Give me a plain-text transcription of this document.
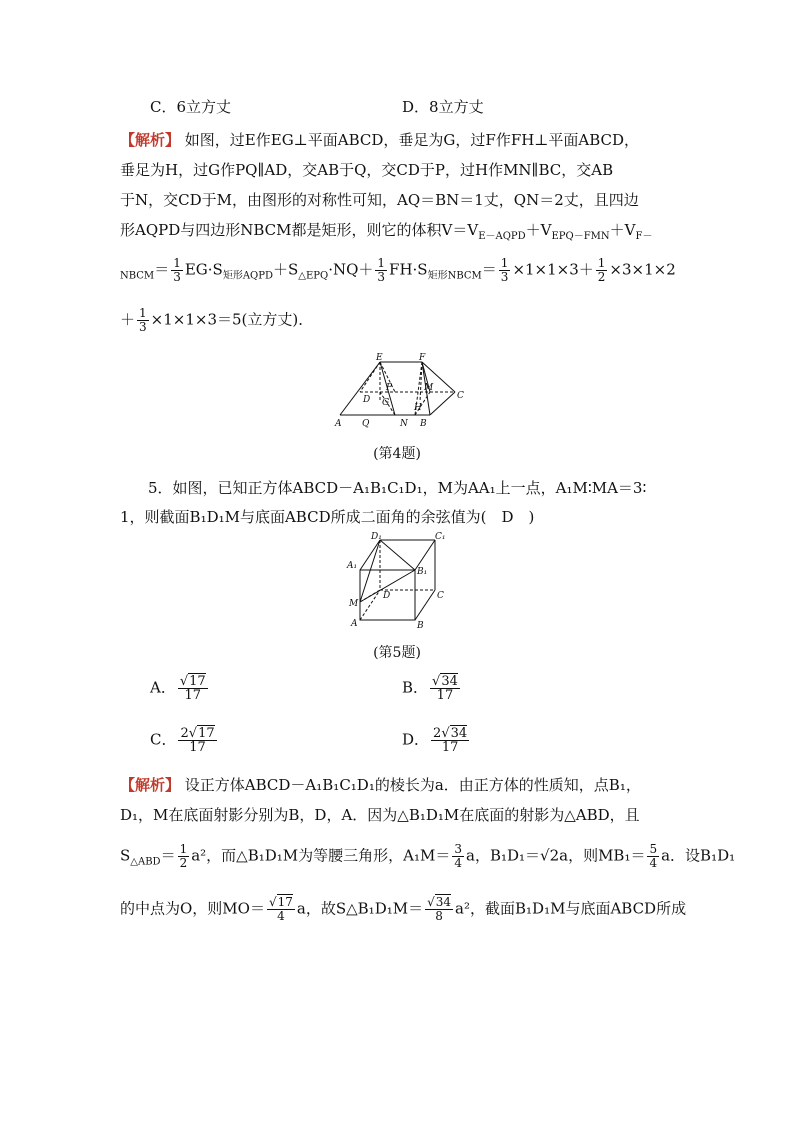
C．6立方丈	D．8立方丈
【解析】 如图，过E作EG⊥平面ABCD，垂足为G，过F作FH⊥平面ABCD，
垂足为H，过G作PQ∥AD，交AB于Q，交CD于P，过H作MN∥BC，交AB
于N，交CD于M，由图形的对称性可知，AQ＝BN＝1丈，QN＝2丈，且四边
形AQPD与四边形NBCM都是矩形，则它的体积$V=V_{E-AQPD}+V_{EPQ-FMN}+V_{F-}$
$_{NBCM}= \frac{1}{3} EG\cdot S_{矩形AQPD}+S_{\triangle EPQ}\cdot NQ+ \frac{1}{3} FH\cdot S_{矩形NBCM}= \frac{1}{3} \times 1\times 1\times 3+ \frac{1}{2} \times 3\times 1\times 2$
＋ $\frac{1}{3} \times 1\times 1\times 3=5$(立方丈)．
E	F
P	M
C
D G	H
A Q	N B
(第4题)
5．如图，已知正方体ABCD－A₁B₁C₁D₁，M为AA₁上一点，A₁M∶MA＝3∶
1，则截面B₁D₁M与底面ABCD所成二面角的余弦值为(　D　)
D₁	C₁
A₁
B₁
D	C
M
A	B
(第5题)
A． $\frac{√17}{17}$	B． $\frac{√34}{17}$
C． $\frac{2√17}{17}$	D． $\frac{2√34}{17}$
【解析】 设正方体ABCD－A₁B₁C₁D₁的棱长为a．由正方体的性质知，点B₁，
D₁，M在底面射影分别为B，D，A．因为△B₁D₁M在底面的射影为△ABD，且
$S_{\triangle ABD}= \frac{1}{2} a^2$，而△B₁D₁M为等腰三角形，$A_1M= \frac{3}{4}$ a，B₁D₁＝√2a，则$MB_1= \frac{5}{4}$ a．设B₁D₁
的中点为O，则$MO= \frac{√17}{4}$ a，故S△B₁D₁M＝ $\frac{√34}{8} a^2$，截面B₁D₁M与底面ABCD所成
